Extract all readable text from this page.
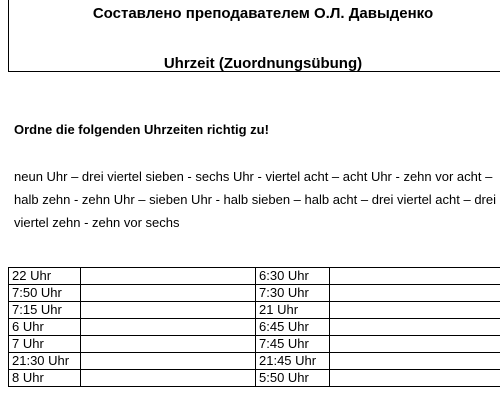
Составлено преподавателем О.Л. Давыденко
Uhrzeit (Zuordnungsübung)
Ordne die folgenden Uhrzeiten richtig zu!
neun Uhr – drei viertel sieben - sechs Uhr - viertel acht – acht Uhr - zehn vor acht –
halb zehn - zehn Uhr – sieben Uhr - halb sieben – halb acht – drei viertel acht – drei
viertel zehn - zehn vor sechs
22 Uhr		6:30 Uhr	
7:50 Uhr		7:30 Uhr	
7:15 Uhr		21 Uhr	
6 Uhr		6:45 Uhr	
7 Uhr		7:45 Uhr	
21:30 Uhr		21:45 Uhr	
8 Uhr		5:50 Uhr	
